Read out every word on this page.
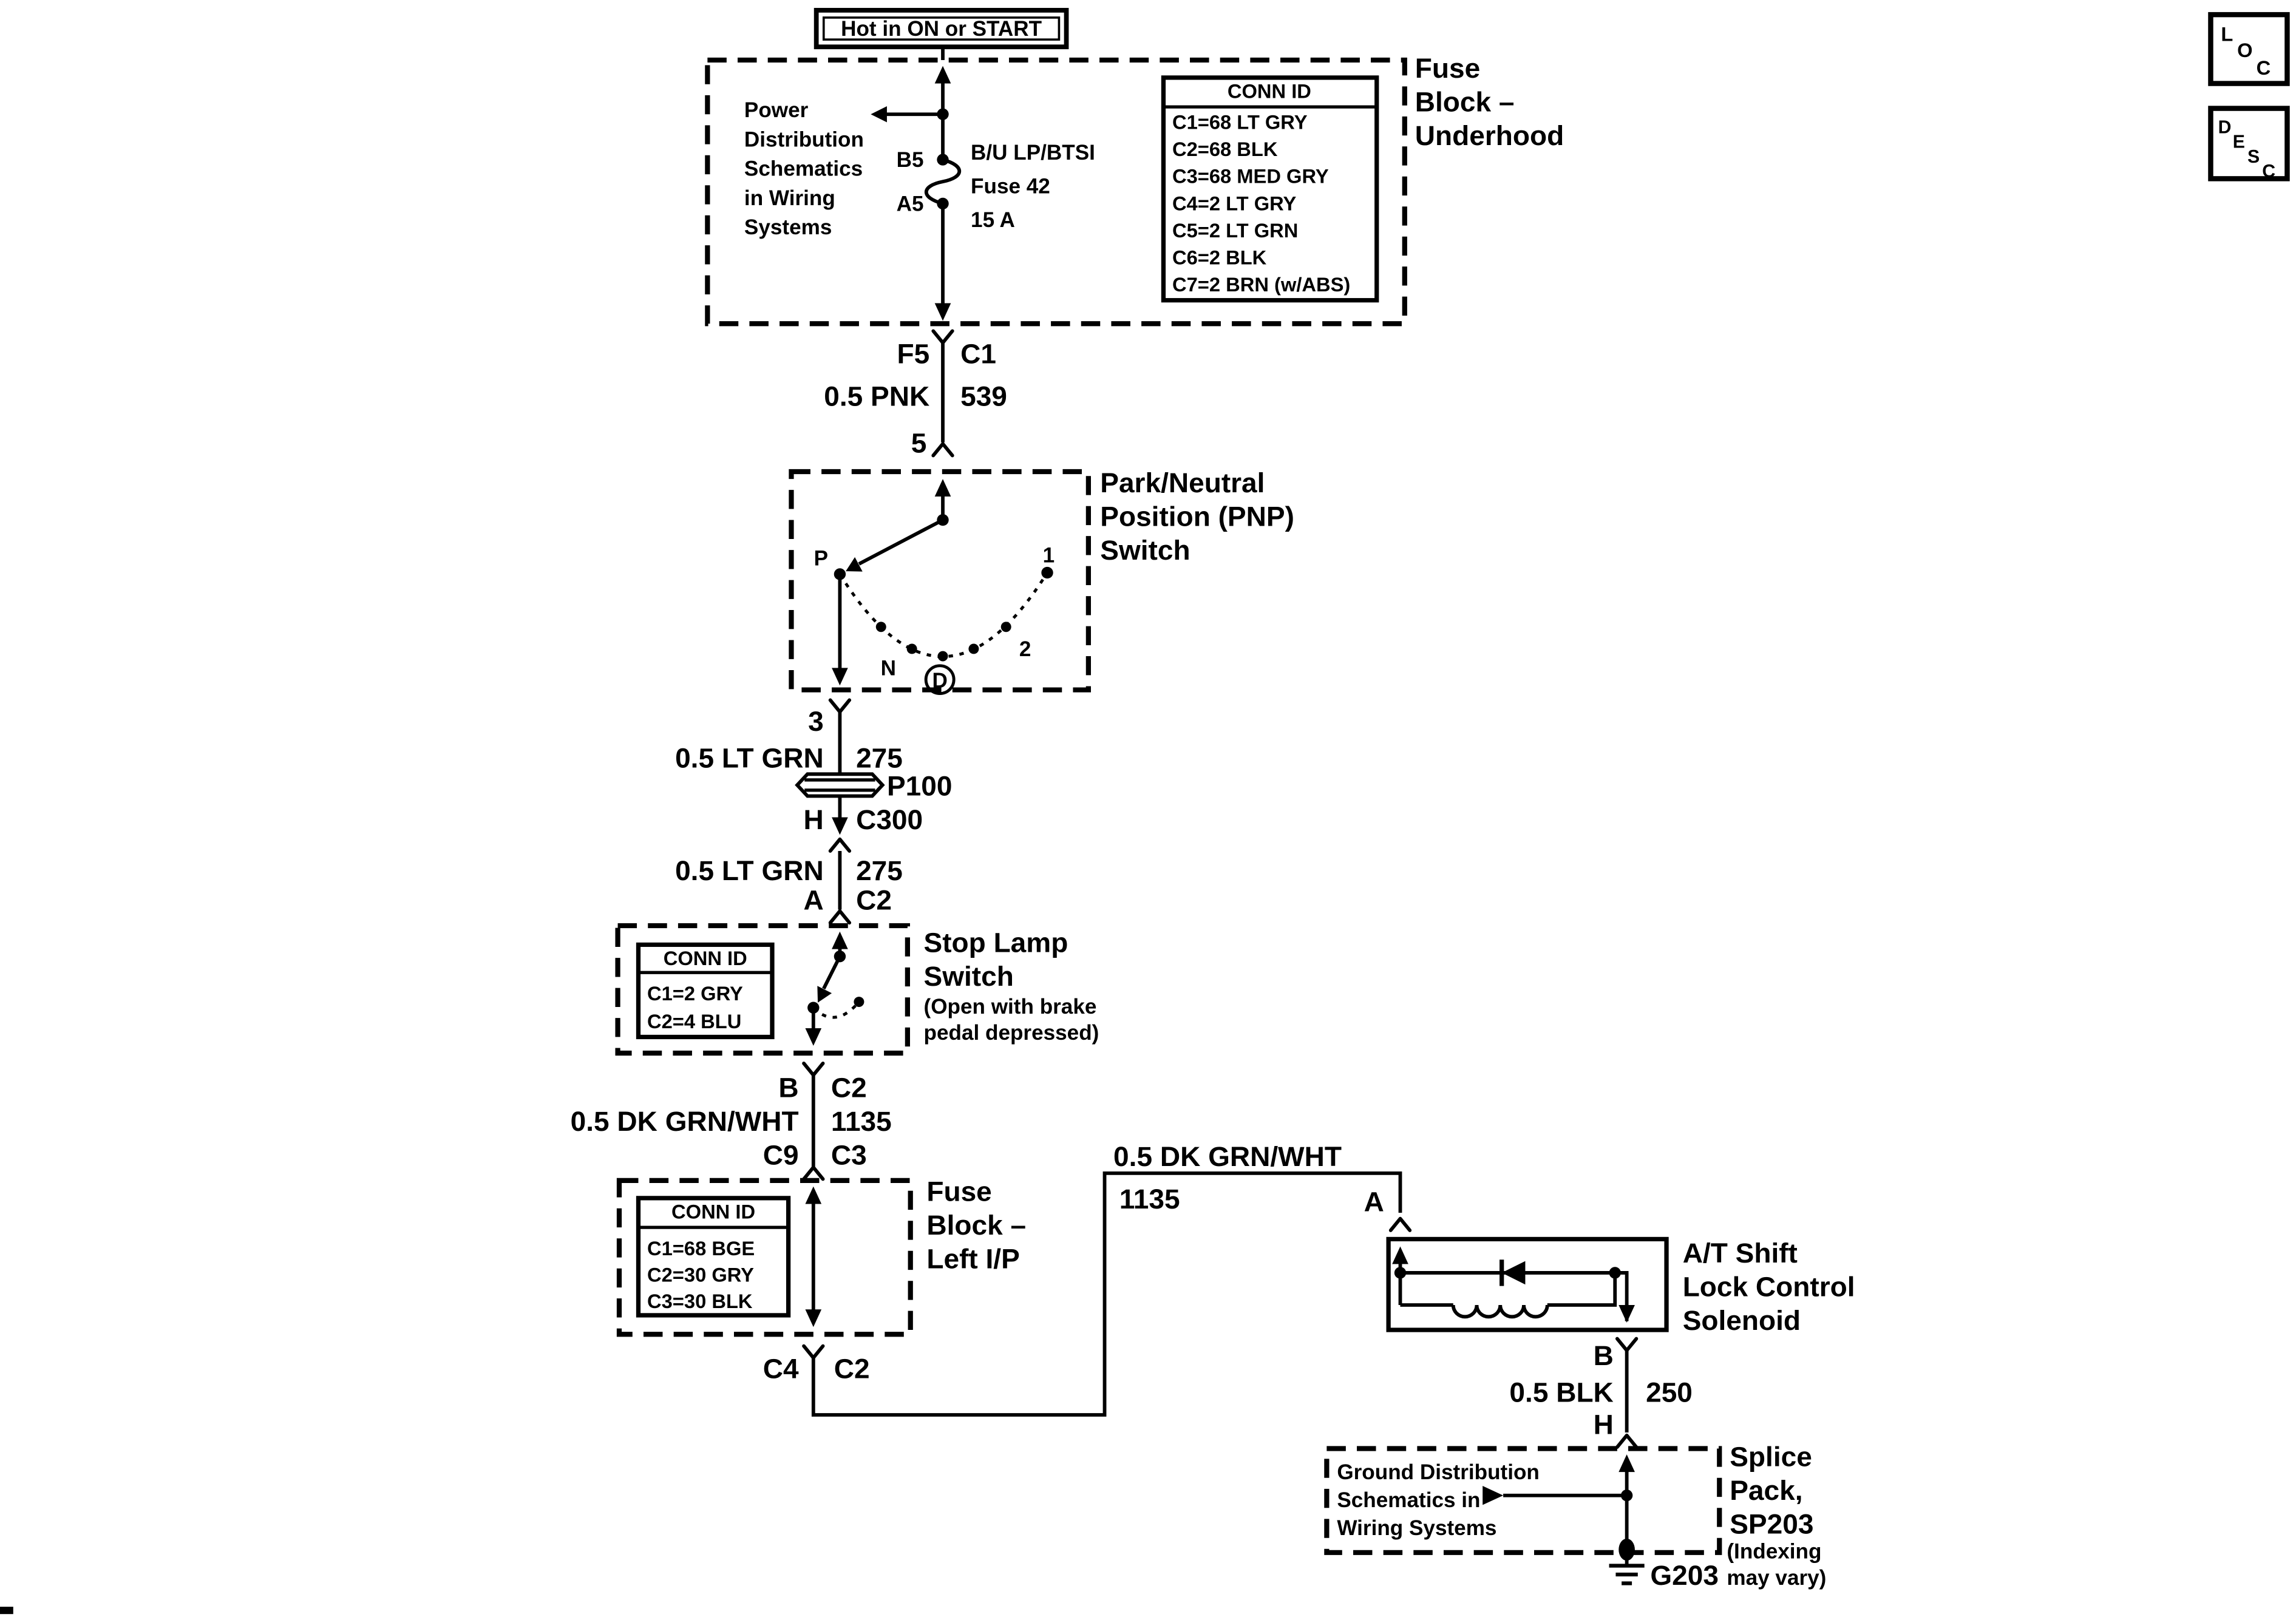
L
O
C
D
E
S
C
Hot in ON or START
Power
Distribution
Schematics
in Wiring
Systems
B5
A5
B/U LP/BTSI
Fuse 42
15 A
CONN ID
C1=68 LT GRY
C2=68 BLK
C3=68 MED GRY
C4=2 LT GRY
C5=2 LT GRN
C6=2 BLK
C7=2 BRN (w/ABS)
Fuse
Block –
Underhood
F5	C1
0.5 PNK	539
5
P	1
2
N
D
Park/Neutral
Position (PNP)
Switch
3
0.5 LT GRN	275
P100
H	C300
0.5 LT GRN	275
A	C2
CONN ID
C1=2 GRY
C2=4 BLU
Stop Lamp
Switch
(Open with brake
pedal depressed)
B	C2
0.5 DK GRN/WHT	1135
C9	C3
CONN ID
C1=68 BGE
C2=30 GRY
C3=30 BLK
Fuse
Block –
Left I/P
C4	C2
0.5 DK GRN/WHT
1135	A
A/T Shift
Lock Control
Solenoid
B
0.5 BLK	250
H
Ground Distribution
Schematics in
Wiring Systems
G203
Splice
Pack,
SP203
(Indexing
may vary)
